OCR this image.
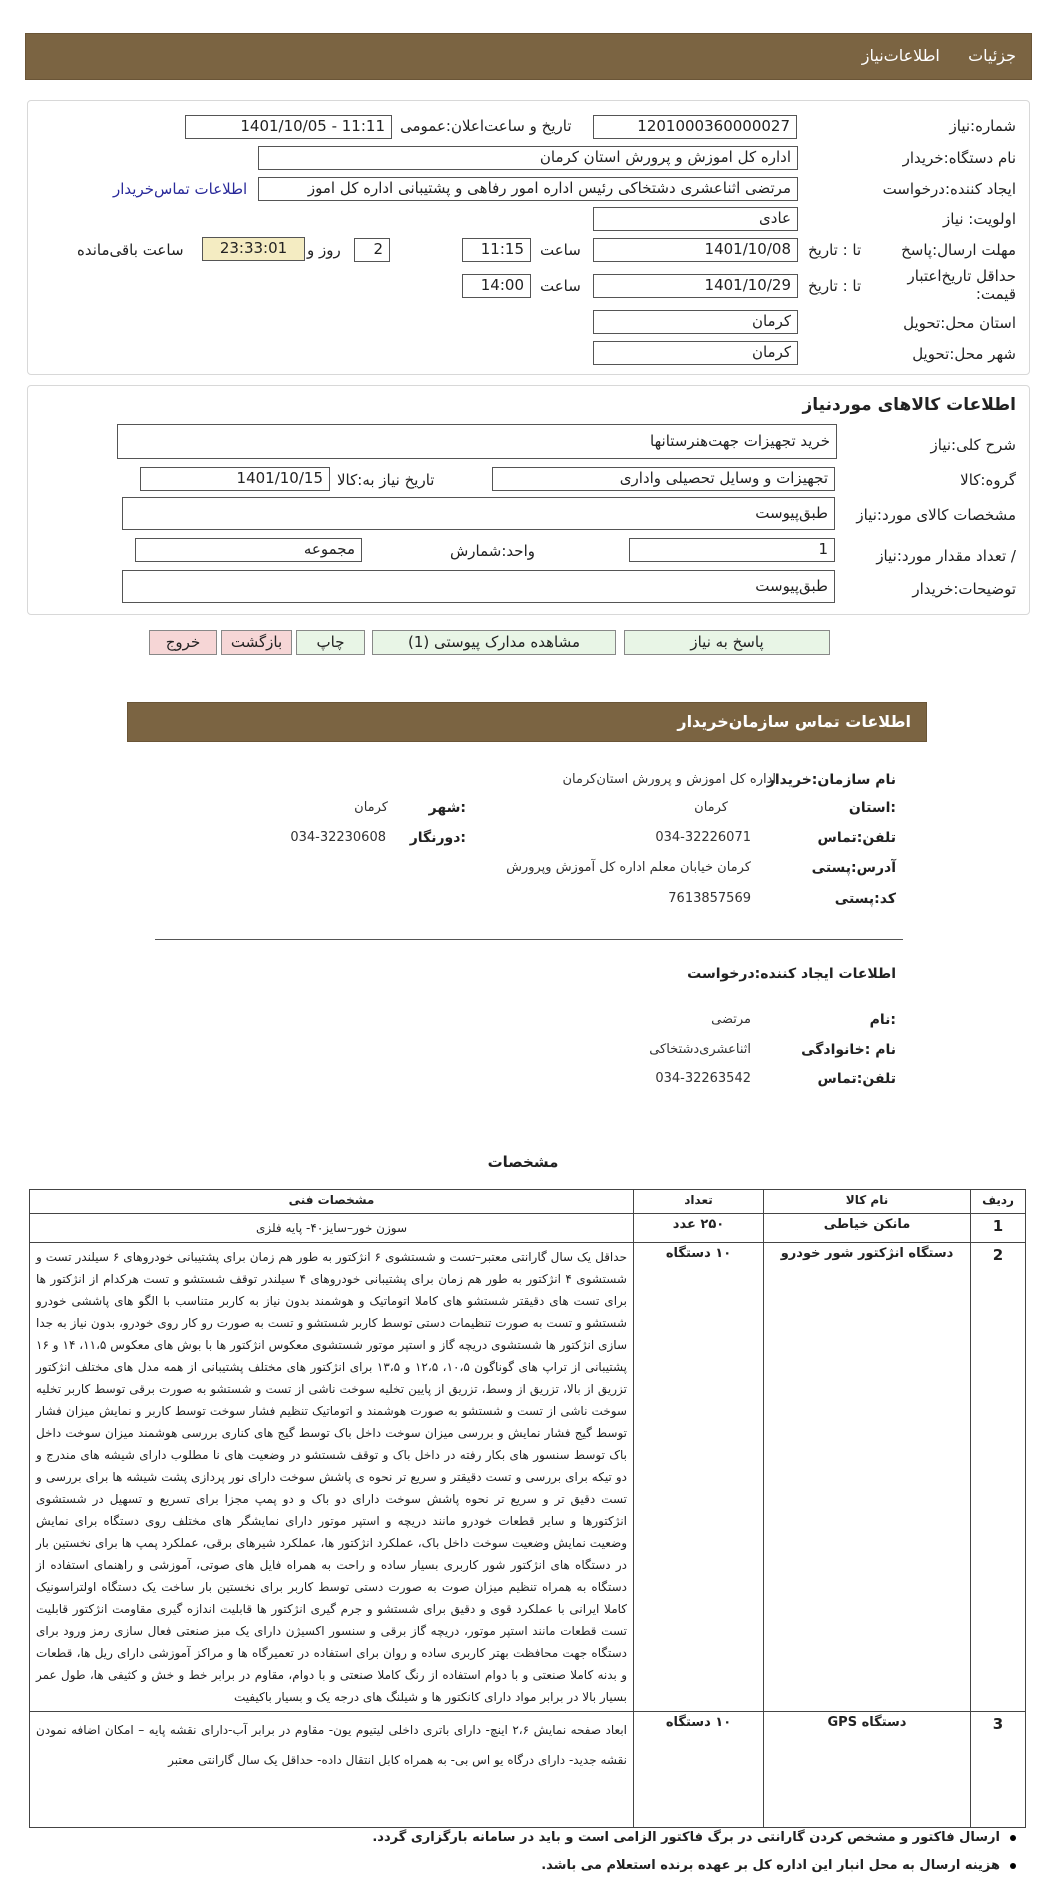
جزئیات  اطلاعات‌نیاز
شماره:نیاز
1201000360000027
تاریخ و ساعت‌اعلان:عمومی
1401/10/05 - 11:11
نام دستگاه:خریدار
اداره کل اموزش و پرورش استان کرمان
ایجاد کننده:درخواست
مرتضی اثناعشری دشتخاکی رئیس اداره امور رفاهی و پشتیبانی اداره کل اموز
اطلاعات تماس‌خریدار
اولویت: نیاز
عادی
مهلت ارسال:پاسخ
تا : تاریخ
1401/10/08
ساعت
11:15
2
روز و
23:33:01
ساعت باقی‌مانده
حداقل تاریخ‌اعتبار قیمت:
تا : تاریخ
1401/10/29
ساعت
14:00
استان محل:تحویل
کرمان
شهر محل:تحویل
کرمان
اطلاعات کالاهای موردنیاز
شرح کلی:نیاز
خرید تجهیزات جهت‌هنرستانها
گروه:کالا
تجهیزات و وسایل تحصیلی واداری
تاریخ نیاز به:کالا
1401/10/15
مشخصات کالای مورد:نیاز
طبق‌پیوست
/ تعداد مقدار مورد:نیاز
1
واحد:شمارش
مجموعه
توضیحات:خریدار
طبق‌پیوست
پاسخ به نیاز
مشاهده مدارک پیوستی (1)
چاپ
بازگشت
خروج
اطلاعات تماس سازمان‌خریدار
نام سازمان:خریدار
اداره کل اموزش و پرورش استان‌کرمان
:استان
کرمان
:شهر
کرمان
تلفن:تماس
034-32226071
:دورنگار
034-32230608
آدرس:پستی
کرمان خیابان معلم اداره کل آموزش وپرورش
کد:پستی
7613857569
اطلاعات ایجاد کننده:درخواست
:نام
مرتضی
نام :خانوادگی
اثناعشری‌دشتخاکی
تلفن:تماس
034-32263542
مشخصات
ردیف	نام کالا	تعداد	مشخصات فنی
1	مانکن خیاطی	۲۵۰ عدد	سوزن خور–سایز۴۰- پایه فلزی
2	دستگاه انژکتور شور خودرو	۱۰ دستگاه	حداقل یک سال گارانتی معتبر–تست و شستشوی ۶ انژکتور به طور هم زمان برای پشتیبانی خودروهای ۶ سیلندر تست و شستشوی ۴ انژکتور به طور هم زمان برای پشتیبانی خودروهای ۴ سیلندر توقف شستشو و تست هرکدام از انژکتور ها برای تست های دقیقتر شستشو های کاملا اتوماتیک و هوشمند بدون نیاز به کاربر متناسب با الگو های پاششی خودرو شستشو و تست به صورت تنظیمات دستی توسط کاربر شستشو و تست به صورت رو کار روی خودرو، بدون نیاز به جدا سازی انژکتور ها شستشوی دریچه گاز و استپر موتور شستشوی معکوس انژکتور ها با بوش های معکوس ۱۱،۵، ۱۴ و ۱۶ پشتیبانی از تراپ های گوناگون ۱۰،۵، ۱۲،۵ و ۱۳،۵ برای انژکتور های مختلف پشتیبانی از همه مدل های مختلف انژکتور تزریق از بالا، تزریق از وسط، تزریق از پایین تخلیه سوخت ناشی از تست و شستشو به صورت برقی توسط کاربر تخلیه سوخت ناشی از تست و شستشو به صورت هوشمند و اتوماتیک تنظیم فشار سوخت توسط کاربر و نمایش میزان فشار توسط گیج فشار نمایش و بررسی میزان سوخت داخل باک توسط گیج های کناری بررسی هوشمند میزان سوخت داخل باک توسط سنسور های بکار رفته در داخل باک و توقف شستشو در وضعیت های نا مطلوب دارای شیشه های مندرج و دو تیکه برای بررسی و تست دقیقتر و سریع تر نحوه ی پاشش سوخت دارای نور پردازی پشت شیشه ها برای بررسی و تست دقیق تر و سریع تر نحوه پاشش سوخت دارای دو باک و دو پمپ مجزا برای تسریع و تسهیل در شستشوی انژکتورها و سایر قطعات خودرو مانند دریچه و استپر موتور دارای نمایشگر های مختلف روی دستگاه برای نمایش وضعیت نمایش وضعیت سوخت داخل باک، عملکرد انژکتور ها، عملکرد شیرهای برقی، عملکرد پمپ ها برای نخستین بار در دستگاه های انژکتور شور کاربری بسیار ساده و راحت به همراه فایل های صوتی، آموزشی و راهنمای استفاده از دستگاه به همراه تنظیم میزان صوت به صورت دستی توسط کاربر برای نخستین بار ساخت یک دستگاه اولتراسونیک کاملا ایرانی با عملکرد قوی و دقیق برای شستشو و جرم گیری انژکتور ها قابلیت اندازه گیری مقاومت انژکتور قابلیت تست قطعات مانند استپر موتور، دریچه گاز برقی و سنسور اکسیژن دارای یک مبز صنعتی فعال سازی رمز ورود برای دستگاه جهت محافظت بهتر کاربری ساده و روان برای استفاده در تعمیرگاه ها و مراکز آموزشی دارای ریل ها، قطعات و بدنه کاملا صنعتی و با دوام استفاده از رنگ کاملا صنعتی و با دوام، مقاوم در برابر خط و خش و کثیفی ها، طول عمر بسیار بالا در برابر مواد دارای کانکتور ها و شیلنگ های درجه یک و بسیار باکیفیت
3	دستگاه GPS	۱۰ دستگاه	ابعاد صفحه نمایش ۲،۶ اینچ- دارای باتری داخلی لیتیوم یون- مقاوم در برابر آب-دارای نقشه پایه – امکان اضافه نمودن نقشه جدید- دارای درگاه یو اس بی- به همراه کابل انتقال داده- حداقل یک سال گارانتی معتبر
ارسال فاکتور و مشخص کردن گارانتی در برگ فاکتور الزامی است و باید در سامانه بارگزاری گردد.
هزینه ارسال به محل انبار این اداره کل بر عهده برنده استعلام می باشد.
